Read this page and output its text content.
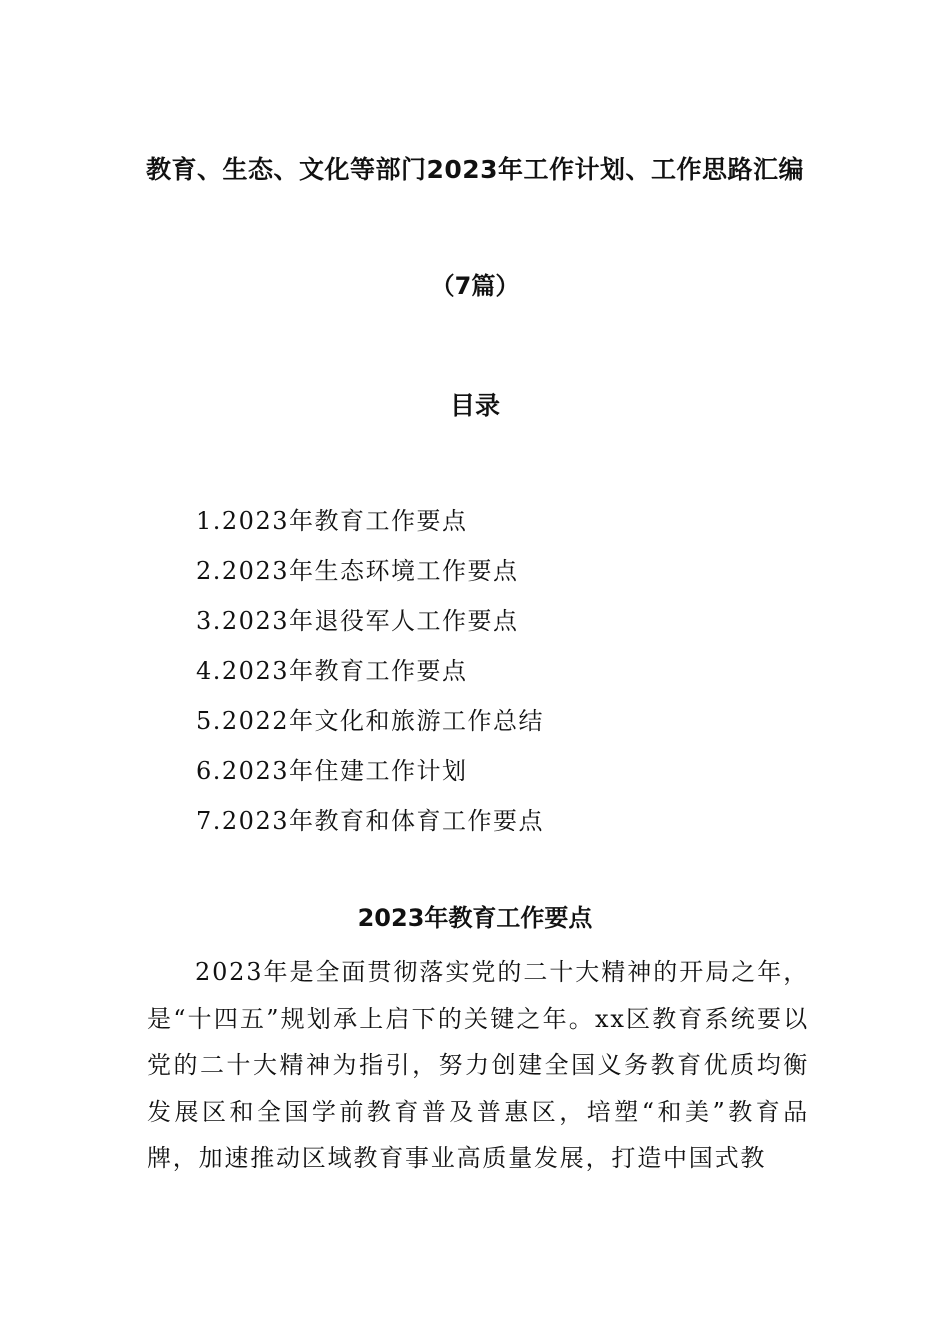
教育、生态、文化等部门2023年工作计划、工作思路汇编
（7篇）
目录
1.2023年教育工作要点
2.2023年生态环境工作要点
3.2023年退役军人工作要点
4.2023年教育工作要点
5.2022年文化和旅游工作总结
6.2023年住建工作计划
7.2023年教育和体育工作要点
2023年教育工作要点

2023年是全面贯彻落实党的二十大精神的开局之年，是“十四五”规划承上启下的关键之年。xx区教育系统要以党的二十大精神为指引，努力创建全国义务教育优质均衡发展区和全国学前教育普及普惠区，培塑“和美”教育品牌，加速推动区域教育事业高质量发展，打造中国式教
